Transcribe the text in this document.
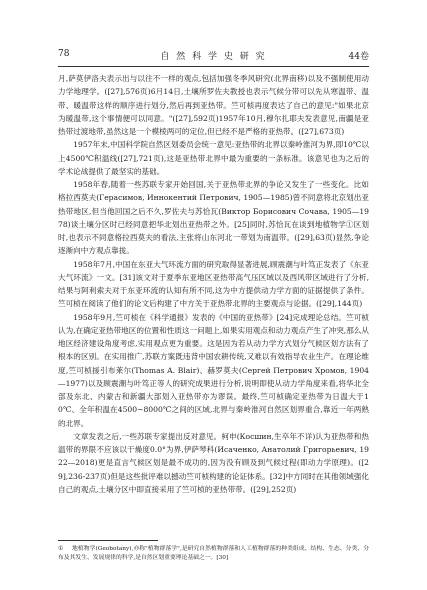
78	自 然 科 学 史 研 究	44卷

月,萨莫伊洛夫表示出与以往不一样的观点,包括加强冬季风研究(北界南移)以及不强制使用动力学地理学。([27],576页)6月14日,土壤所罗佐夫教授也表示气候分带可以先从寒温带、温带、暖温带这样的顺序进行划分,然后再到亚热带。竺可桢再度表达了自己的意见:"如果北京为暖温带,这个事情便可以同意。"([27],592页)1957年10月,穆尔扎耶夫发表意见,南疆是亚热带过渡地带,虽然这是一个模棱两可的定位,但已经不是严格的亚热带。([27],673页)

1957年末,中国科学院自然区划委员会统一意见:亚热带的北界以秦岭淮河为界,即10℃以上4500℃积温线([27],721页),这是亚热带北界中最为重要的一条标准。该意见也为之后的学术论战提供了最坚实的基础。

1958年春,随着一些苏联专家开始回国,关于亚热带北界的争论又发生了一些变化。比如格拉西莫夫(Герасимов, Иннокентий Петрович, 1905—1985)曾不同意将北京划出亚热带地区,但当他回国之后不久,罗佐夫与苏恰瓦(Виктор Борисович Сочава, 1905—1978)谈土壤分区时已经同意把华北划出亚热带之外。[25]同时,苏恰瓦在谈到地植物学①区划时,也表示不同意格拉西莫夫的看法,主张将山东河北一带划为南温带。([29],63页)显然,争论逐渐向中方观点靠拢。

1958年7月,中国在东亚大气环流方面的研究取得显著进展,顾震潮与叶笃正发表了《东亚大气环流》一文。[31]该文对于夏季东亚地区亚热带高气压区域以及西风带区域进行了分析,结果与阿利索夫对于东亚环流的认知有所不同,这为中方提供动力学方面的证据提供了条件。竺可桢在阅读了他们的论文后构建了中方关于亚热带北界的主要观点与论据。([29],144页)

1958年9月,竺可桢在《科学通报》发表的《中国的亚热带》[24]完成理论总结。竺可桢认为,在确定亚热带地区的位置和性质这一问题上,如果实用观点和动力观点产生了冲突,那么从地区经济建设角度考虑,实用观点更为重要。这是因为若从动力学方式划分气候区划方法有了根本的区别。在实用推广,苏联方案既违背中国农耕传统,又难以有效指导农业生产。在理论维度,竺可桢援引布莱尔(Thomas A. Blair)、赫罗莫夫(Сергей Петрович Хромов, 1904—1977)以及顾震潮与叶笃正等人的研究成果进行分析,说明即使从动力学角度来看,将华北全部及东北、内蒙古和新疆大部划入亚热带亦为谬误。最终,竺可桢确定亚热带为日温大于10℃、全年积温在4500~8000℃之间的区域,北界与秦岭淮河自然区划界重合,靠近一年两熟的北界。

文章发表之后,一些苏联专家提出反对意见。柯申(Косшин,生卒年不详)认为亚热带和热温带的界限不应该以干燥度0.0°为界,伊萨琴科(Исаченко, Анатолий Григорьевич, 1922—2018)更是直言气候区划是最不成功的,因为没有顾及到气候过程(即动力学原理)。([29],236-237页)但是这些批评难以撼动竺可桢构建的论证体系。[32]中方同时在其他领域强化自己的观点,土壤分区中即直接采用了竺可桢的亚热带带。([29],252页)

① 地植物学(Geobotany),亦称"植物群落学",是研究自然植物群落和人工植物群落的种类组成、结构、生态、分类、分布及其发生、发展规律的科学,是自然区划重要理论基础之一。[30]
